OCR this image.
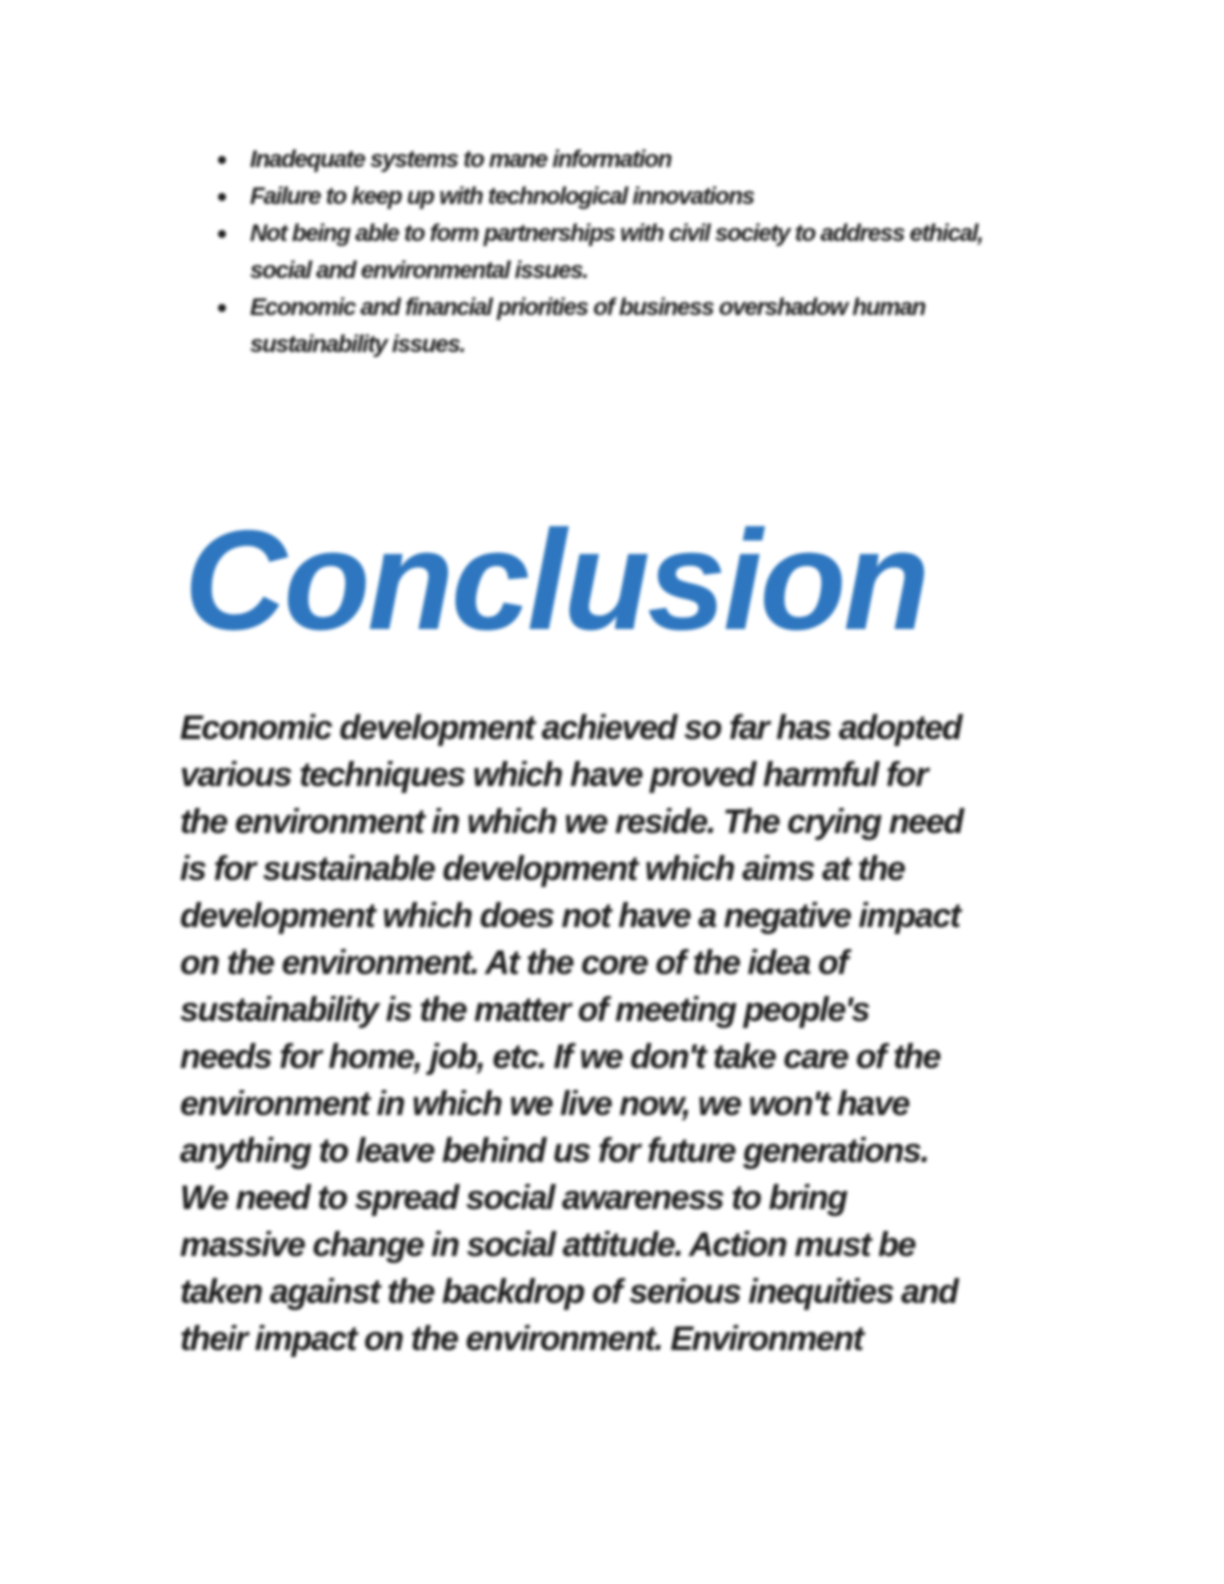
Inadequate systems to mane information
Failure to keep up with technological innovations
Not being able to form partnerships with civil society to address ethical, social and environmental issues.
Economic and financial priorities of business overshadow human sustainability issues.
Conclusion
Economic development achieved so far has adopted
various techniques which have proved harmful for
the environment in which we reside. The crying need
is for sustainable development which aims at the
development which does not have a negative impact
on the environment. At the core of the idea of
sustainability is the matter of meeting people's
needs for home, job, etc. If we don't take care of the
environment in which we live now, we won't have
anything to leave behind us for future generations.
We need to spread social awareness to bring
massive change in social attitude. Action must be
taken against the backdrop of serious inequities and
their impact on the environment. Environment
